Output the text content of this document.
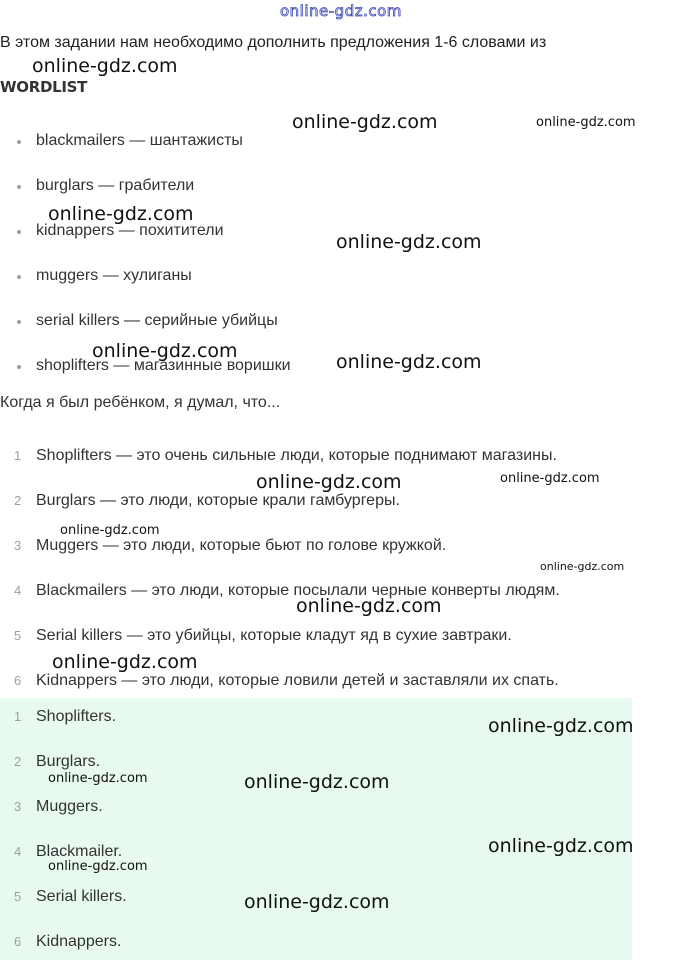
online-gdz.com
В этом задании нам необходимо дополнить предложения 1-6 словами из
WORDLIST
blackmailers — шантажисты
burglars — грабители
kidnappers — похитители
muggers — хулиганы
serial killers — серийные убийцы
shoplifters — магазинные воришки
Когда я был ребёнком, я думал, что...
1 Shoplifters — это очень сильные люди, которые поднимают магазины.
2 Burglars — это люди, которые крали гамбургеры.
3 Muggers — это люди, которые бьют по голове кружкой.
4 Blackmailers — это люди, которые посылали черные конверты людям.
5 Serial killers — это убийцы, которые кладут яд в сухие завтраки.
6 Kidnappers — это люди, которые ловили детей и заставляли их спать.
1 Shoplifters.
2 Burglars.
3 Muggers.
4 Blackmailer.
5 Serial killers.
6 Kidnappers.
online-gdz.com
online-gdz.com	online-gdz.com
online-gdz.com
online-gdz.com
online-gdz.com	online-gdz.com
online-gdz.com	online-gdz.com
online-gdz.com
online-gdz.com
online-gdz.com
online-gdz.com
online-gdz.com
online-gdz.com	online-gdz.com
online-gdz.com
online-gdz.com
online-gdz.com
